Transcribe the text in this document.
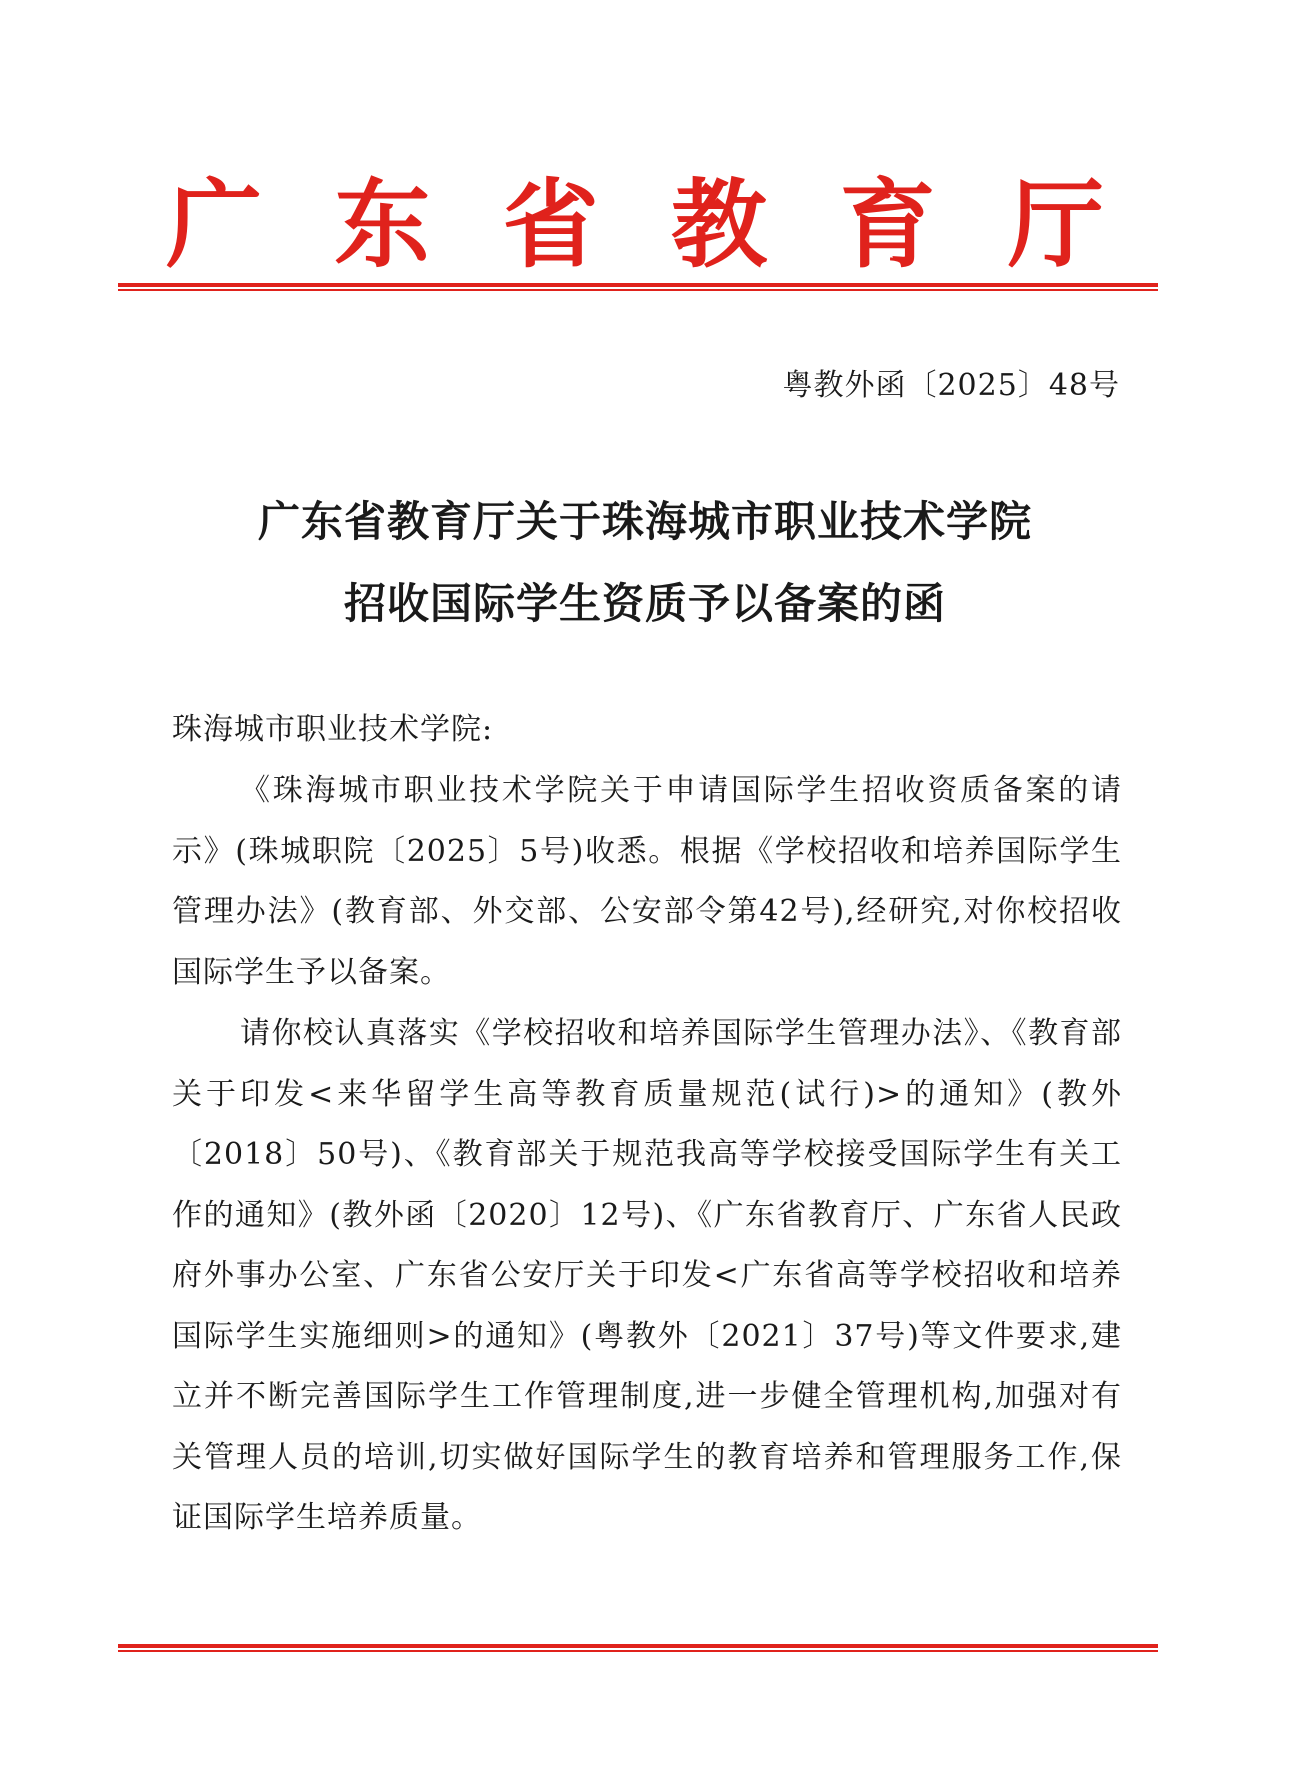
广 东 省 教 育 厅
粤教外函〔2025〕48号
广东省教育厅关于珠海城市职业技术学院
招收国际学生资质予以备案的函

珠海城市职业技术学院:

《珠海城市职业技术学院关于申请国际学生招收资质备案的请示》(珠城职院〔2025〕5号)收悉。根据《学校招收和培养国际学生管理办法》(教育部、外交部、公安部令第42号),经研究,对你校招收国际学生予以备案。

请你校认真落实《学校招收和培养国际学生管理办法》、《教育部关于印发<来华留学生高等教育质量规范(试行)>的通知》(教外〔2018〕50号)、《教育部关于规范我高等学校接受国际学生有关工作的通知》(教外函〔2020〕12号)、《广东省教育厅、广东省人民政府外事办公室、广东省公安厅关于印发<广东省高等学校招收和培养国际学生实施细则>的通知》(粤教外〔2021〕37号)等文件要求,建立并不断完善国际学生工作管理制度,进一步健全管理机构,加强对有关管理人员的培训,切实做好国际学生的教育培养和管理服务工作,保证国际学生培养质量。
